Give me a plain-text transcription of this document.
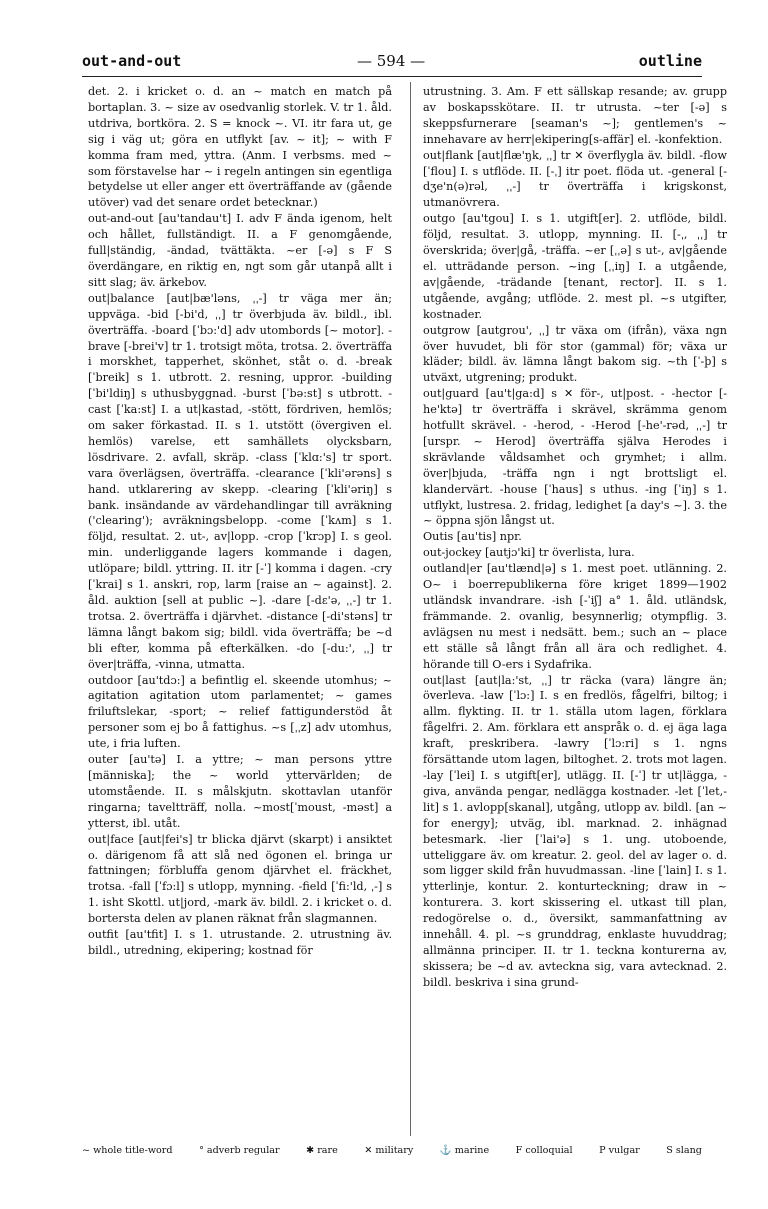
out-and-out	— 594 —	outline

det. 2. i kricket o. d. an ~ match en match på bortaplan. 3. ~ size av osedvanlig storlek. V. tr 1. åld. utdriva, bortköra. 2. S = knock ~. VI. itr fara ut, ge sig i väg ut; göra en utflykt [av. ~ it]; ~ with F komma fram med, yttra. (Anm. I verbsms. med ~ som förstavelse har ~ i regeln antingen sin egentliga betydelse ut eller anger ett överträffande av (gående utöver) vad det senare ordet betecknar.)

out-and-out [au'tandau't] I. adv F ända igenom, helt och hållet, fullständigt. II. a F genomgående, full|ständig, -ändad, tvättäkta. ~er [-ə] s F S överdängare, en riktig en, ngt som går utanpå allt i sitt slag; äv. ärkebov.

out|balance [aut|bæ'ləns, ˌˌ-] tr väga mer än; uppväga. -bid [-bi'd, ˌˌ] tr överbjuda äv. bildl., ibl. överträffa. -board [ˈbɔ:'d] adv utombords [~ motor]. -brave [-brei'v] tr 1. trotsigt möta, trotsa. 2. överträffa i morskhet, tapperhet, skönhet, ståt o. d. -break [ˈbreik] s 1. utbrott. 2. resning, uppror. -building [ˈbi'ldiŋ] s uthusbyggnad. -burst [ˈbə:st] s utbrott. -cast [ˈka:st] I. a ut|kastad, -stött, fördriven, hemlös; om saker förkastad. II. s 1. utstött (övergiven el. hemlös) varelse, ett samhällets olycksbarn, lösdrivare. 2. avfall, skräp. -class [ˈklɑ:'s] tr sport. vara överlägsen, överträffa. -clearance [ˈkli'ərəns] s hand. utklarering av skepp. -clearing [ˈkli'əriŋ] s bank. insändande av värdehandlingar till avräkning ('clearing'); avräkningsbelopp. -come [ˈkʌm] s 1. följd, resultat. 2. ut-, av|lopp. -crop [ˈkrɔp] I. s geol. min. underliggande lagers kommande i dagen, utlöpare; bildl. yttring. II. itr [-ˈ] komma i dagen. -cry [ˈkrai] s 1. anskri, rop, larm [raise an ~ against]. 2. åld. auktion [sell at public ~]. -dare [-dɛ'ə, ˌˌ-] tr 1. trotsa. 2. överträffa i djärvhet. -distance [-di'stəns] tr lämna långt bakom sig; bildl. vida överträffa; be ~d bli efter, komma på efterkälken. -do [-du:', ˌˌ] tr över|träffa, -vinna, utmatta.

outdoor [au'tdɔ:] a befintlig el. skeende utomhus; ~ agitation agitation utom parlamentet; ~ games friluftslekar, -sport; ~ relief fattigunderstöd åt personer som ej bo å fattighus. ~s [ˌˌz] adv utomhus, ute, i fria luften.

outer [au'tə] I. a yttre; ~ man persons yttre [människa]; the ~ world yttervärlden; de utomstående. II. s målskjutn. skottavlan utanför ringarna; taveltträff, nolla. ~most[ˈmoust, -məst] a ytterst, ibl. utåt.

out|face [aut|fei's] tr blicka djärvt (skarpt) i ansiktet o. därigenom få att slå ned ögonen el. bringa ur fattningen; förbluffa genom djärvhet el. fräckhet, trotsa. -fall [ˈfɔ:l] s utlopp, mynning. -field [ˈfi:'ld, ˌ-] s 1. isht Skottl. ut|jord, -mark äv. bildl. 2. i kricket o. d. bortersta delen av planen räknat från slagmannen.

outfit [au'tfit] I. s 1. utrustande. 2. utrustning äv. bildl., utredning, ekipering; kostnad för

utrustning. 3. Am. F ett sällskap resande; av. grupp av boskapsskötare. II. tr utrusta. ~ter [-ə] s skeppsfurnerare [seaman's ~]; gentlemen's ~ innehavare av herr|ekipering[s-affär] el. -konfektion.

out|flank [aut|flæ'ŋk, ˌˌ] tr ✕ överflygla äv. bildl. -flow [ˈflou] I. s utflöde. II. [-ˌ] itr poet. flöda ut. -general [-dʒe'n(ə)rəl, ˌˌ-] tr överträffa i krigskonst, utmanövrera.

outgo [au'tgou] I. s 1. utgift[er]. 2. utflöde, bildl. följd, resultat. 3. utlopp, mynning. II. [-ˌ, ˌˌ] tr överskrida; över|gå, -träffa. ~er [ˌˌə] s ut-, av|gående el. utträdande person. ~ing [ˌˌiŋ] I. a utgående, av|gående, -trädande [tenant, rector]. II. s 1. utgående, avgång; utflöde. 2. mest pl. ~s utgifter, kostnader.

outgrow [autgrou', ˌˌ] tr växa om (ifrån), växa ngn över huvudet, bli för stor (gammal) för; växa ur kläder; bildl. äv. lämna långt bakom sig. ~th [ˈ-þ] s utväxt, utgrening; produkt.

out|guard [au't|ga:d] s ✕ för-, ut|post. - -hector [-he'ktə] tr överträffa i skrävel, skrämma genom hotfullt skrävel. - -herod, - -Herod [-he'-rəd, ˌˌ-] tr [urspr. ~ Herod] överträffa själva Herodes i skrävlande våldsamhet och grymhet; i allm. över|bjuda, -träffa ngn i ngt brottsligt el. klandervärt. -house [ˈhaus] s uthus. -ing [ˈiŋ] s 1. utflykt, lustresa. 2. fridag, ledighet [a day's ~]. 3. the ~ öppna sjön långst ut.

Outis [au'tis] npr.

out-jockey [autjɔ'ki] tr överlista, lura.

outland|er [au'tlænd|ə] s 1. mest poet. utlänning. 2. O~ i boerrepublikerna före kriget 1899—1902 utländsk invandrare. -ish [-ˈiʃ] a° 1. åld. utländsk, främmande. 2. ovanlig, besynnerlig; otympflig. 3. avlägsen nu mest i nedsätt. bem.; such an ~ place ett ställe så långt från all ära och redlighet. 4. hörande till O-ers i Sydafrika.

out|last [aut|la:'st, ˌˌ] tr räcka (vara) längre än; överleva. -law [ˈlɔ:] I. s en fredlös, fågelfri, biltog; i allm. flykting. II. tr 1. ställa utom lagen, förklara fågelfri. 2. Am. förklara ett anspråk o. d. ej äga laga kraft, preskribera. -lawry [ˈlɔ:ri] s 1. ngns försättande utom lagen, biltoghet. 2. trots mot lagen. -lay [ˈlei] I. s utgift[er], utlägg. II. [-ˈ] tr ut|lägga, -giva, använda pengar, nedlägga kostnader. -let [ˈlet,-lit] s 1. avlopp[skanal], utgång, utlopp av. bildl. [an ~ for energy]; utväg, ibl. marknad. 2. inhägnad betesmark. -lier [ˈlai'ə] s 1. ung. utoboende, utteliggare äv. om kreatur. 2. geol. del av lager o. d. som ligger skild från huvudmassan. -line [ˈlain] I. s 1. ytterlinje, kontur. 2. konturteckning; draw in ~ konturera. 3. kort skissering el. utkast till plan, redogörelse o. d., översikt, sammanfattning av innehåll. 4. pl. ~s grunddrag, enklaste huvuddrag; allmänna principer. II. tr 1. teckna konturerna av, skissera; be ~d av. avtecknа sig, vara avtecknad. 2. bildl. beskriva i sina grund-

~ whole title-word	° adverb regular	✱ rare	✕ military	⚓ marine	F colloquial	P vulgar	S slang
